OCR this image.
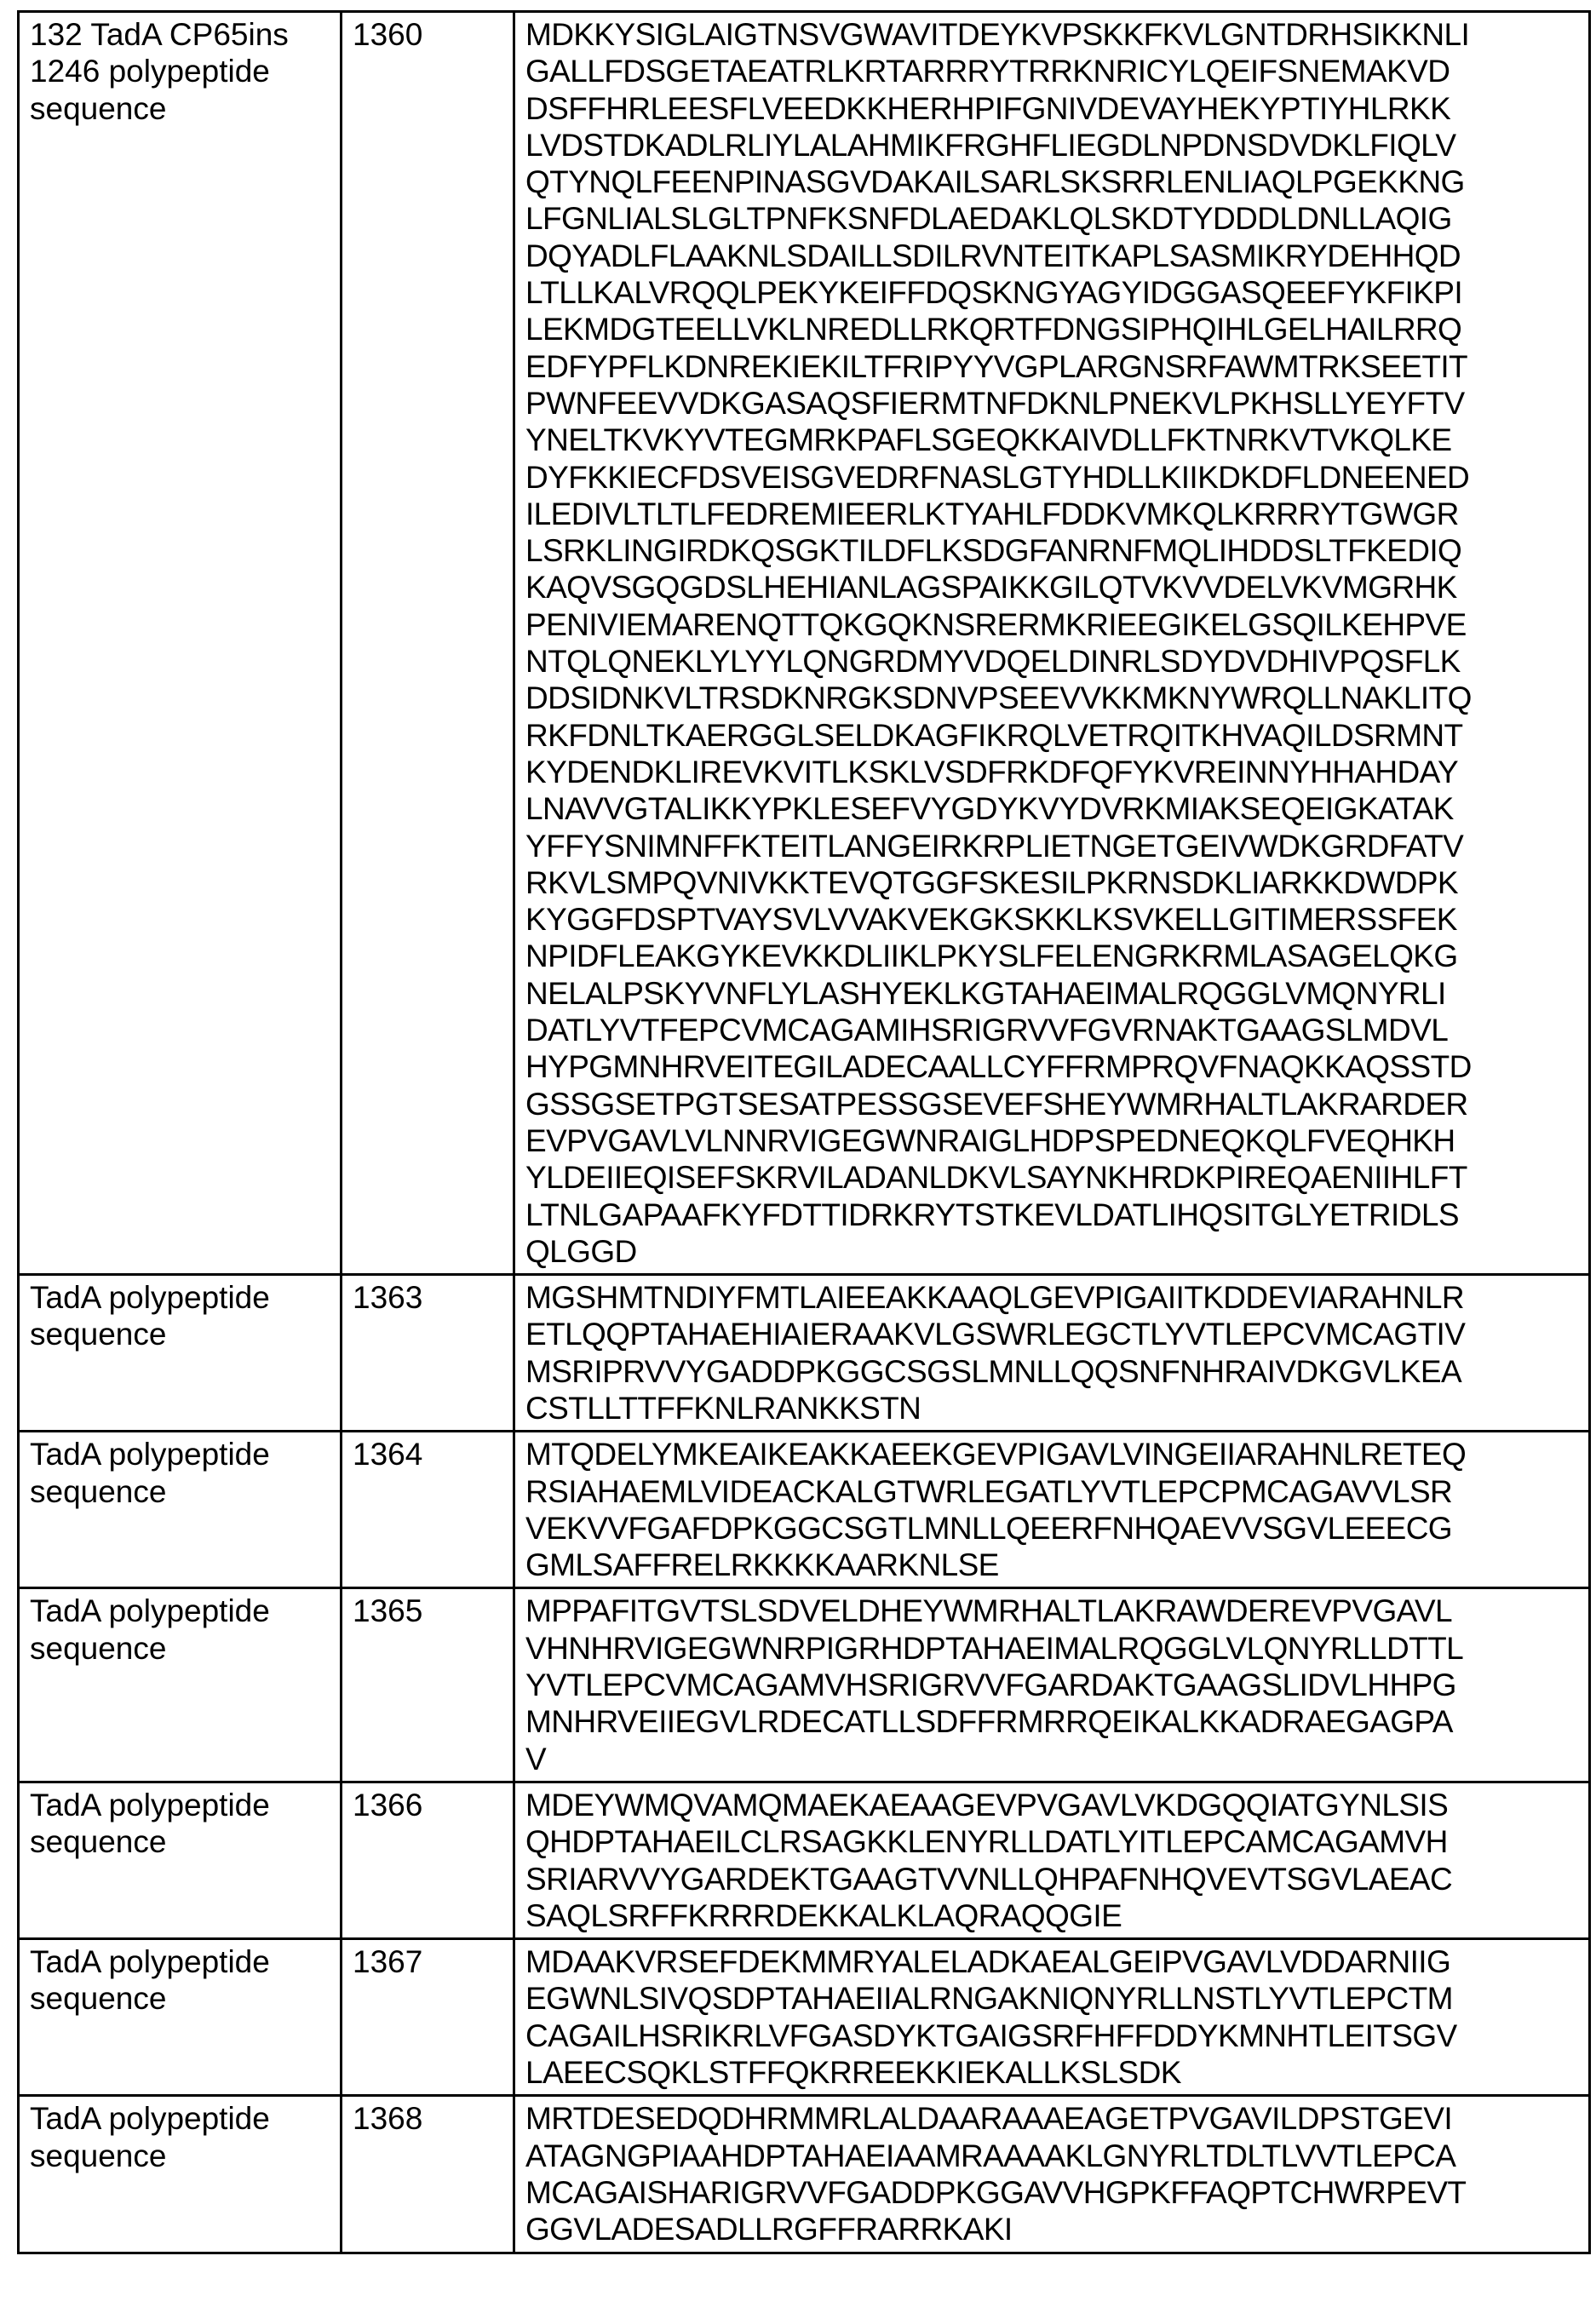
132 TadA CP65ins 1246 polypeptide sequence	1360	MDKKYSIGLAIGTNSVGWAVITDEYKVPSKKFKVLGNTDRHSIKKNLI
GALLFDSGETAEATRLKRTARRRYTRRKNRICYLQEIFSNEMAKVD
DSFFHRLEESFLVEEDKKHERHPIFGNIVDEVAYHEKYPTIYHLRKK
LVDSTDKADLRLIYLALAHMIKFRGHFLIEGDLNPDNSDVDKLFIQLV
QTYNQLFEENPINASGVDAKAILSARLSKSRRLENLIAQLPGEKKNG
LFGNLIALSLGLTPNFKSNFDLAEDAKLQLSKDTYDDDLDNLLAQIG
DQYADLFLAAKNLSDAILLSDILRVNTEITKAPLSASMIKRYDEHHQD
LTLLKALVRQQLPEKYKEIFFDQSKNGYAGYIDGGASQEEFYKFIKPI
LEKMDGTEELLVKLNREDLLRKQRTFDNGSIPHQIHLGELHAILRRQ
EDFYPFLKDNREKIEKILTFRIPYYVGPLARGNSRFAWMTRKSEETIT
PWNFEEVVDKGASAQSFIERMTNFDKNLPNEKVLPKHSLLYEYFTV
YNELTKVKYVTEGMRKPAFLSGEQKKAIVDLLFKTNRKVTVKQLKE
DYFKKIECFDSVEISGVEDRFNASLGTYHDLLKIIKDKDFLDNEENED
ILEDIVLTLTLFEDREMIEERLKTYAHLFDDKVMKQLKRRRYTGWGR
LSRKLINGIRDKQSGKTILDFLKSDGFANRNFMQLIHDDSLTFKEDIQ
KAQVSGQGDSLHEHIANLAGSPAIKKGILQTVKVVDELVKVMGRHK
PENIVIEMARENQTTQKGQKNSRERMKRIEEGIKELGSQILKEHPVE
NTQLQNEKLYLYYLQNGRDMYVDQELDINRLSDYDVDHIVPQSFLK
DDSIDNKVLTRSDKNRGKSDNVPSEEVVKKMKNYWRQLLNAKLITQ
RKFDNLTKAERGGLSELDKAGFIKRQLVETRQITKHVAQILDSRMNT
KYDENDKLIREVKVITLKSKLVSDFRKDFQFYKVREINNYHHAHDAY
LNAVVGTALIKKYPKLESEFVYGDYKVYDVRKMIAKSEQEIGKATAK
YFFYSNIMNFFKTEITLANGEIRKRPLIETNGETGEIVWDKGRDFATV
RKVLSMPQVNIVKKTEVQTGGFSKESILPKRNSDKLIARKKDWDPK
KYGGFDSPTVAYSVLVVAKVEKGKSKKLKSVKELLGITIMERSSFEK
NPIDFLEAKGYKEVKKDLIIKLPKYSLFELENGRKRMLASAGELQKG
NELALPSKYVNFLYLASHYEKLKGTAHAEIMALRQGGLVMQNYRLI
DATLYVTFEPCVMCAGAMIHSRIGRVVFGVRNAKTGAAGSLMDVL
HYPGMNHRVEITEGILADECAALLCYFFRMPRQVFNAQKKAQSSTD
GSSGSETPGTSESATPESSGSEVEFSHEYWMRHALTLAKRARDER
EVPVGAVLVLNNRVIGEGWNRAIGLHDPSPEDNEQKQLFVEQHKH
YLDEIIEQISEFSKRVILADANLDKVLSAYNKHRDKPIREQAENIIHLFT
LTNLGAPAAFKYFDTTIDRKRYTSTKEVLDATLIHQSITGLYETRIDLS
QLGGD

TadA polypeptide sequence	1363	MGSHMTNDIYFMTLAIEEAKKAAQLGEVPIGAIITKDDEVIARAHNLR
ETLQQPTAHAEHIAIERAAKVLGSWRLEGCTLYVTLEPCVMCAGTIV
MSRIPRVVYGADDPKGGCSGSLMNLLQQSNFNHRAIVDKGVLKEA
CSTLLTTFFKNLRANKKSTN

TadA polypeptide sequence	1364	MTQDELYMKEAIKEAKKAEEKGEVPIGAVLVINGEIIARAHNLRETEQ
RSIAHAEMLVIDEACKALGTWRLEGATLYVTLEPCPMCAGAVVLSR
VEKVVFGAFDPKGGCSGTLMNLLQEERFNHQAEVVSGVLEEECG
GMLSAFFRELRKKKKAARKNLSE

TadA polypeptide sequence	1365	MPPAFITGVTSLSDVELDHEYWMRHALTLAKRAWDEREVPVGAVL
VHNHRVIGEGWNRPIGRHDPTAHAEIMALRQGGLVLQNYRLLDTTL
YVTLEPCVMCAGAMVHSRIGRVVFGARDAKTGAAGSLIDVLHHPG
MNHRVEIIEGVLRDECATLLSDFFRMRRQEIKALKKADRAEGAGPA
V

TadA polypeptide sequence	1366	MDEYWMQVAMQMAEKAEAAGEVPVGAVLVKDGQQIATGYNLSIS
QHDPTAHAEILCLRSAGKKLENYRLLDATLYITLEPCAMCAGAMVH
SRIARVVYGARDEKTGAAGTVVNLLQHPAFNHQVEVTSGVLAEAC
SAQLSRFFKRRRDEKKALKLAQRAQQGIE

TadA polypeptide sequence	1367	MDAAKVRSEFDEKMMRYALELADKAEALGEIPVGAVLVDDARNIIG
EGWNLSIVQSDPTAHAEIIALRNGAKNIQNYRLLNSTLYVTLEPCTM
CAGAILHSRIKRLVFGASDYKTGAIGSRFHFFDDYKMNHTLEITSGV
LAEECSQKLSTFFQKRREEKKIEKALLKSLSDK

TadA polypeptide sequence	1368	MRTDESEDQDHRMMRLALDAARAAAEAGETPVGAVILDPSTGEVI
ATAGNGPIAAHDPTAHAEIAAMRAAAAKLGNYRLTDLTLVVTLEPCA
MCAGAISHARIGRVVFGADDPKGGAVVHGPKFFAQPTCHWRPEVT
GGVLADESADLLRGFFRARRKAKI
